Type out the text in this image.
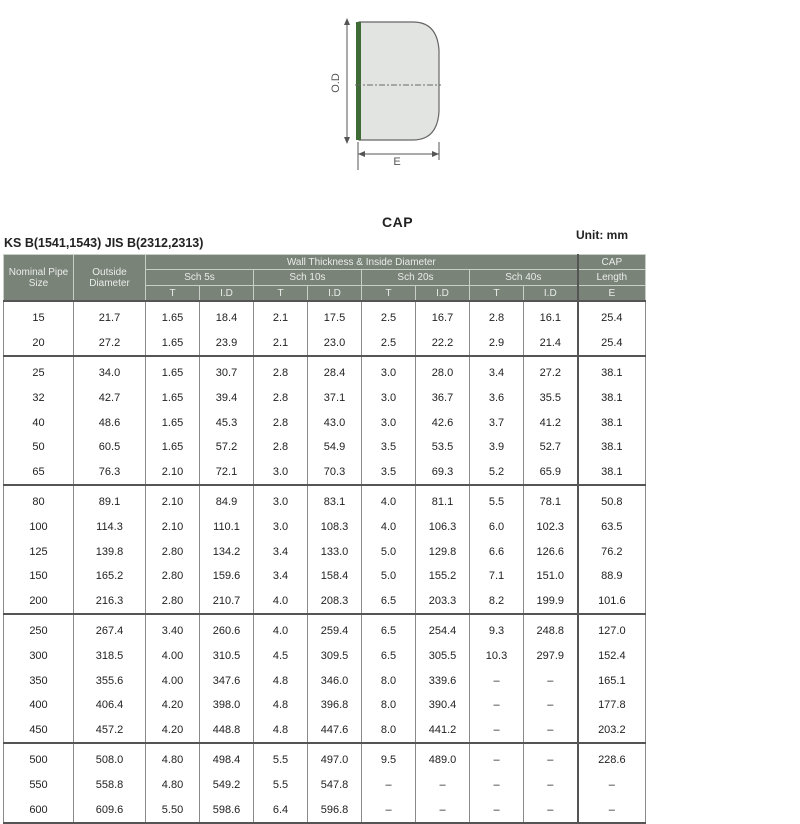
O.D
E
CAP
Unit: mm
KS B(1541,1543) JIS B(2312,2313)
Nominal Pipe Size	Outside Diameter	Wall Thickness & Inside Diameter								CAP
		Sch 5s		Sch 10s		Sch 20s		Sch 40s		Length
		T	I.D	T	I.D	T	I.D	T	I.D	E
15	21.7	1.65	18.4	2.1	17.5	2.5	16.7	2.8	16.1	25.4
20	27.2	1.65	23.9	2.1	23.0	2.5	22.2	2.9	21.4	25.4
25	34.0	1.65	30.7	2.8	28.4	3.0	28.0	3.4	27.2	38.1
32	42.7	1.65	39.4	2.8	37.1	3.0	36.7	3.6	35.5	38.1
40	48.6	1.65	45.3	2.8	43.0	3.0	42.6	3.7	41.2	38.1
50	60.5	1.65	57.2	2.8	54.9	3.5	53.5	3.9	52.7	38.1
65	76.3	2.10	72.1	3.0	70.3	3.5	69.3	5.2	65.9	38.1
80	89.1	2.10	84.9	3.0	83.1	4.0	81.1	5.5	78.1	50.8
100	114.3	2.10	110.1	3.0	108.3	4.0	106.3	6.0	102.3	63.5
125	139.8	2.80	134.2	3.4	133.0	5.0	129.8	6.6	126.6	76.2
150	165.2	2.80	159.6	3.4	158.4	5.0	155.2	7.1	151.0	88.9
200	216.3	2.80	210.7	4.0	208.3	6.5	203.3	8.2	199.9	101.6
250	267.4	3.40	260.6	4.0	259.4	6.5	254.4	9.3	248.8	127.0
300	318.5	4.00	310.5	4.5	309.5	6.5	305.5	10.3	297.9	152.4
350	355.6	4.00	347.6	4.8	346.0	8.0	339.6	–	–	165.1
400	406.4	4.20	398.0	4.8	396.8	8.0	390.4	–	–	177.8
450	457.2	4.20	448.8	4.8	447.6	8.0	441.2	–	–	203.2
500	508.0	4.80	498.4	5.5	497.0	9.5	489.0	–	–	228.6
550	558.8	4.80	549.2	5.5	547.8	–	–	–	–	–
600	609.6	5.50	598.6	6.4	596.8	–	–	–	–	–
